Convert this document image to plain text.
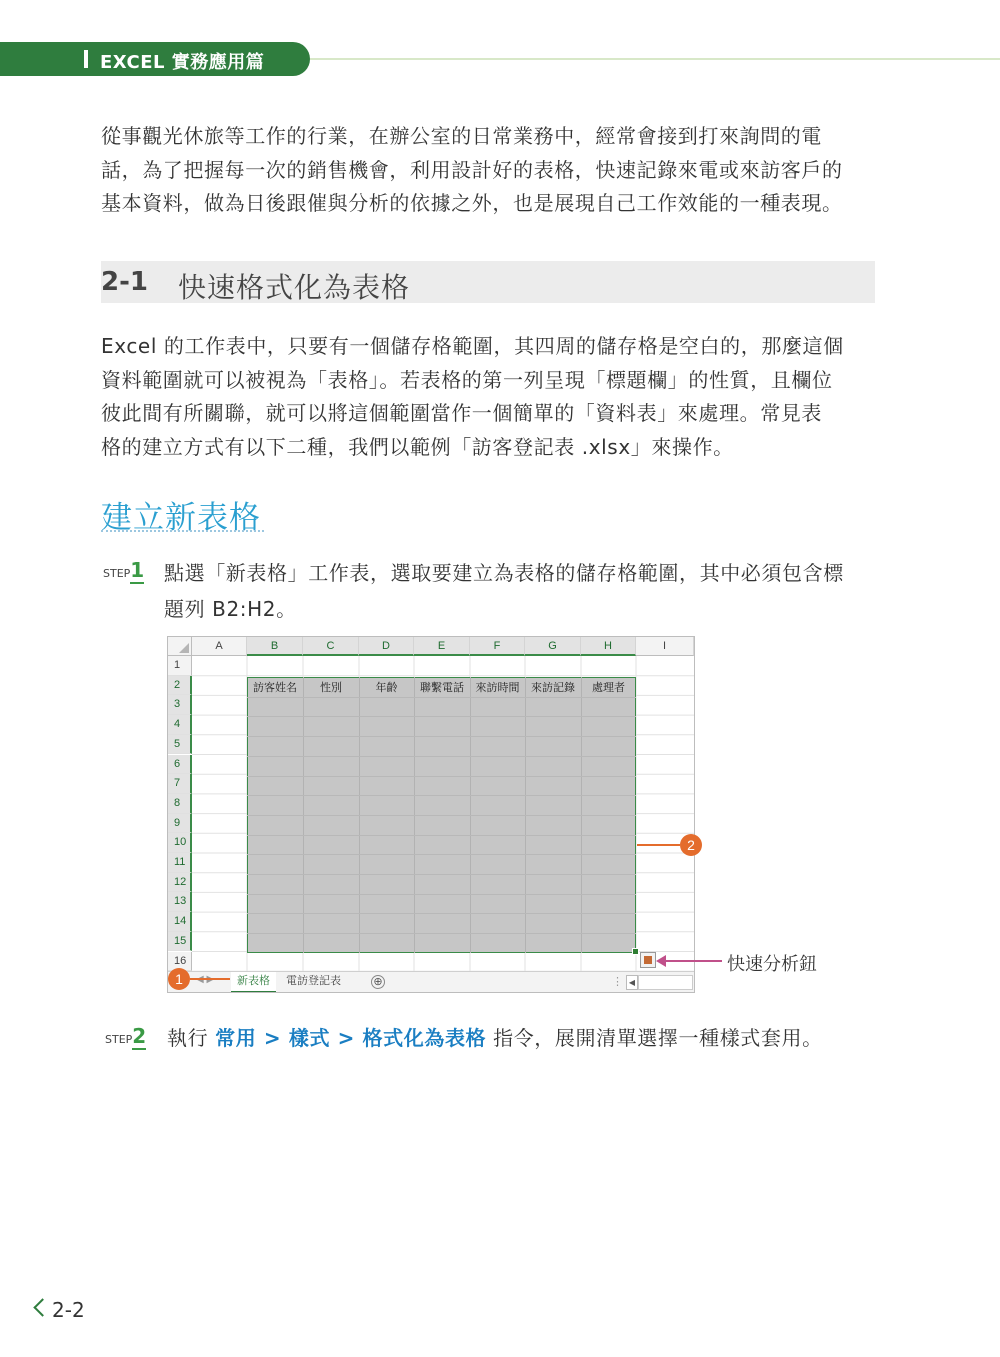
EXCEL 實務應用篇
從事觀光休旅等工作的行業，在辦公室的日常業務中，經常會接到打來詢問的電
話，為了把握每一次的銷售機會，利用設計好的表格，快速記錄來電或來訪客戶的
基本資料，做為日後跟催與分析的依據之外，也是展現自己工作效能的一種表現。
2-1 快速格式化為表格
Excel 的工作表中，只要有一個儲存格範圍，其四周的儲存格是空白的，那麼這個
資料範圍就可以被視為「表格」。若表格的第一列呈現「標題欄」的性質，且欄位
彼此間有所關聯，就可以將這個範圍當作一個簡單的「資料表」來處理。常見表
格的建立方式有以下二種，我們以範例「訪客登記表 .xlsx」來操作。
建立新表格
STEP1 點選「新表格」工作表，選取要建立為表格的儲存格範圍，其中必須包含標
題列 B2:H2。
訪客姓名	性別	年齡	聯繫電話	來訪時間	來訪記錄	處理者
A	B	C	D	E	F	G	H	I
1
2
3
4
5
6
7
8
9
10
11
12
13
14
15
16
新表格	電訪登記表	⊕	⋮ ◀
2
1
快速分析鈕
STEP2 執行 常用 > 樣式 > 格式化為表格 指令，展開清單選擇一種樣式套用。
2-2
